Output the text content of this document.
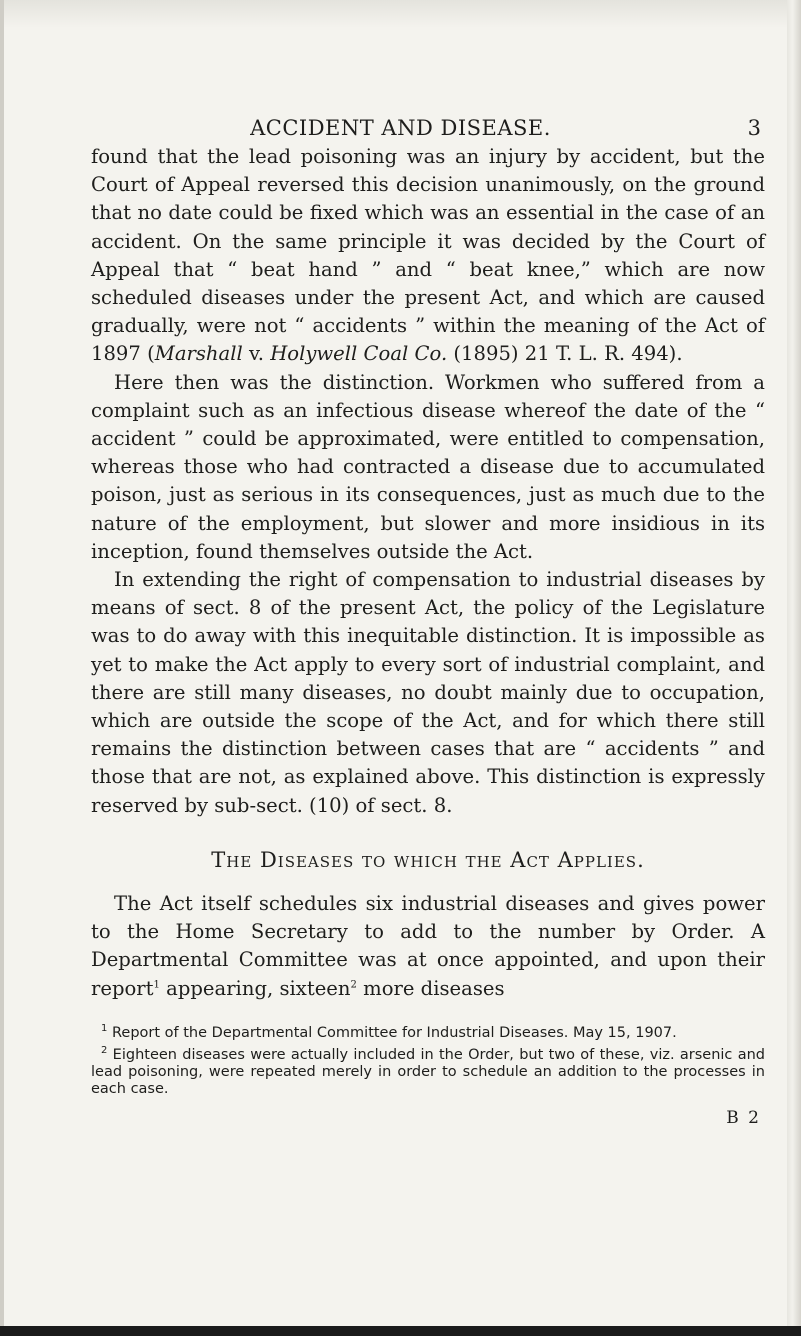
ACCIDENT AND DISEASE.	3

found that the lead poisoning was an injury by accident, but the Court of Appeal reversed this decision unanimously, on the ground that no date could be fixed which was an essential in the case of an accident. On the same principle it was decided by the Court of Appeal that “ beat hand ” and “ beat knee,” which are now scheduled diseases under the present Act, and which are caused gradually, were not “ accidents ” within the meaning of the Act of 1897 (Marshall v. Holywell Coal Co. (1895) 21 T. L. R. 494).

Here then was the distinction. Workmen who suffered from a complaint such as an infectious disease whereof the date of the “ accident ” could be approximated, were entitled to compensation, whereas those who had contracted a disease due to accumulated poison, just as serious in its consequences, just as much due to the nature of the employment, but slower and more insidious in its inception, found themselves outside the Act.

In extending the right of compensation to industrial diseases by means of sect. 8 of the present Act, the policy of the Legislature was to do away with this inequitable distinction. It is impossible as yet to make the Act apply to every sort of industrial complaint, and there are still many diseases, no doubt mainly due to occupation, which are outside the scope of the Act, and for which there still remains the distinction between cases that are “ accidents ” and those that are not, as explained above. This distinction is expressly reserved by sub-sect. (10) of sect. 8.

The Diseases to which the Act Applies.

The Act itself schedules six industrial diseases and gives power to the Home Secretary to add to the number by Order. A Departmental Committee was at once appointed, and upon their report$^1$ appearing, sixteen$^2$ more diseases

$^1$ Report of the Departmental Committee for Industrial Diseases. May 15, 1907.

$^2$ Eighteen diseases were actually included in the Order, but two of these, viz. arsenic and lead poisoning, were repeated merely in order to schedule an addition to the processes in each case.

B 2
